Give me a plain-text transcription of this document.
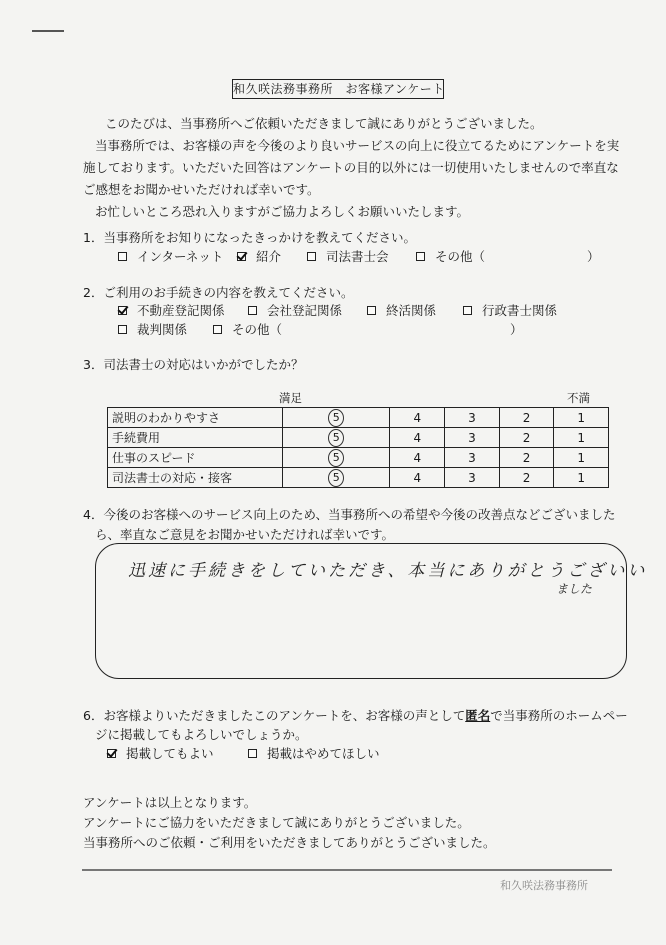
和久咲法務事務所　お客様アンケート
このたびは、当事務所へご依頼いただきまして誠にありがとうございました。
当事務所では、お客様の声を今後のより良いサービスの向上に役立てるためにアンケートを実
施しております。いただいた回答はアンケートの目的以外には一切使用いたしませんので率直な
ご感想をお聞かせいただければ幸いです。
お忙しいところ恐れ入りますがご協力よろしくお願いいたします。
1．当事務所をお知りになったきっかけを教えてください。
インターネット	紹介	司法書士会	その他（	）
2．ご利用のお手続きの内容を教えてください。
不動産登記関係	会社登記関係	終活関係	行政書士関係
裁判関係	その他（	）
3．司法書士の対応はいかがでしたか？
満足	不満
説明のわかりやすさ	5	4	3	2	1
手続費用	5	4	3	2	1
仕事のスピード	5	4	3	2	1
司法書士の対応・接客	5	4	3	2	1
4．今後のお客様へのサービス向上のため、当事務所への希望や今後の改善点などございました
ら、率直なご意見をお聞かせいただければ幸いです。
迅速に手続きをしていただき、本当にありがとうございい
ました
6．お客様よりいただきましたこのアンケートを、お客様の声として匿名で当事務所のホームペー
ジに掲載してもよろしいでしょうか。
掲載してもよい	掲載はやめてほしい
アンケートは以上となります。
アンケートにご協力をいただきまして誠にありがとうございました。
当事務所へのご依頼・ご利用をいただきましてありがとうございました。
和久咲法務事務所
